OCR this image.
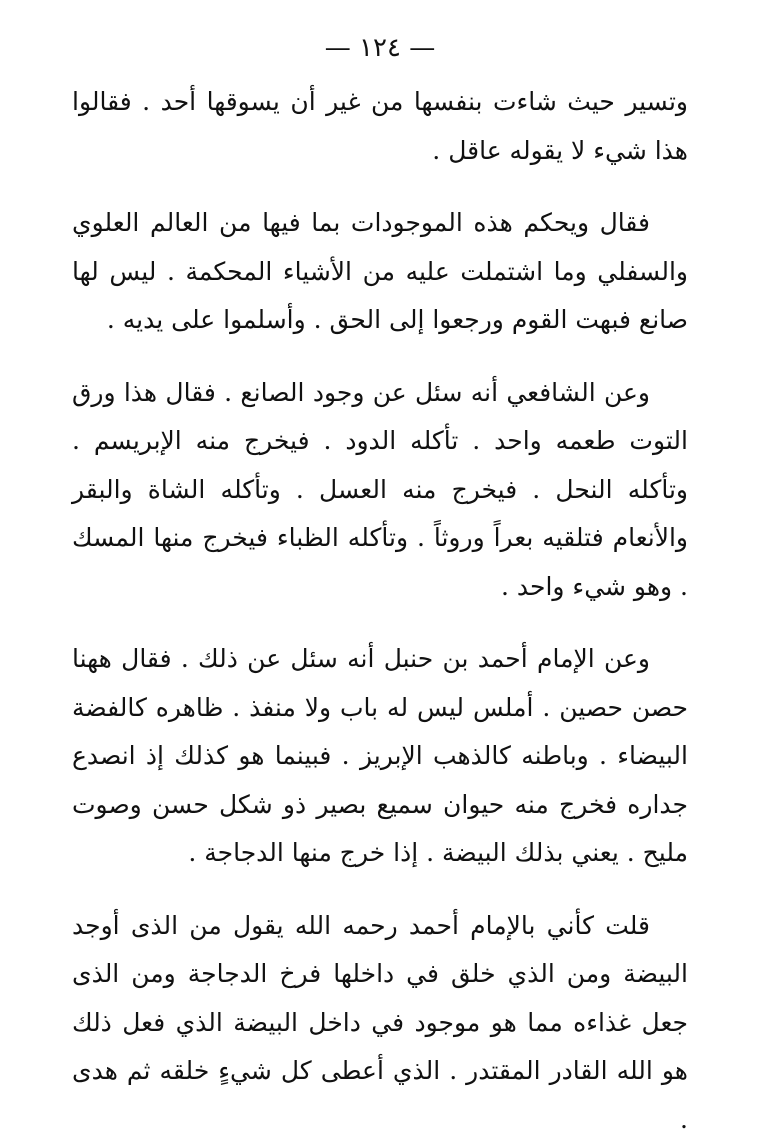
— ١٢٤ —

وتسير حيث شاءت بنفسها من غير أن يسوقها أحد . فقالوا هذا شيء لا يقوله عاقل .

فقال ويحكم هذه الموجودات بما فيها من العالم العلوي والسفلي وما اشتملت عليه من الأشياء المحكمة . ليس لها صانع فبهت القوم ورجعوا إلى الحق . وأسلموا على يديه .

وعن الشافعي أنه سئل عن وجود الصانع . فقال هذا ورق التوت طعمه واحد . تأكله الدود . فيخرج منه الإبريسم . وتأكله النحل . فيخرج منه العسل . وتأكله الشاة والبقر والأنعام فتلقيه بعراً وروثاً . وتأكله الظباء فيخرج منها المسك . وهو شيء واحد .

وعن الإمام أحمد بن حنبل أنه سئل عن ذلك . فقال ههنا حصن حصين . أملس ليس له باب ولا منفذ . ظاهره كالفضة البيضاء . وباطنه كالذهب الإبريز . فبينما هو كذلك إذ انصدع جداره فخرج منه حيوان سميع بصير ذو شكل حسن وصوت مليح . يعني بذلك البيضة . إذا خرج منها الدجاجة .

قلت كأني بالإمام أحمد رحمه الله يقول من الذى أوجد البيضة ومن الذي خلق في داخلها فرخ الدجاجة ومن الذى جعل غذاءه مما هو موجود في داخل البيضة الذي فعل ذلك هو الله القادر المقتدر . الذي أعطى كل شيءٍ خلقه ثم هدى .
